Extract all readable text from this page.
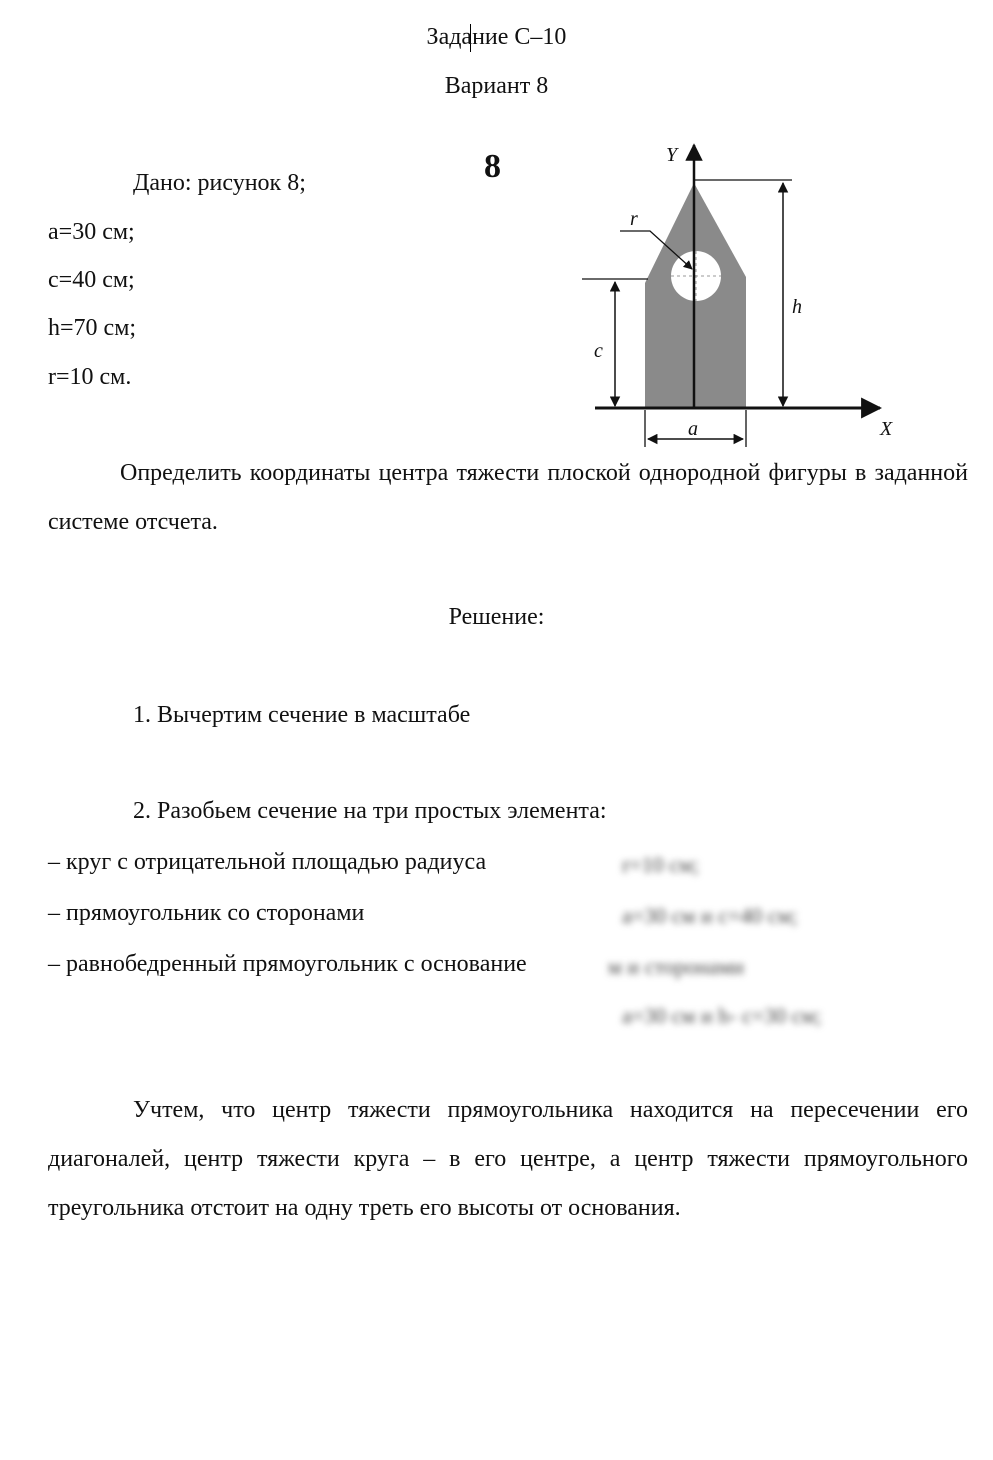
Задание С–10
Вариант 8
Дано: рисунок 8;
a=30 см;
c=40 см;
h=70 см;
r=10 см.
8	Y
X
h
c
a
r
Определить координаты центра тяжести плоской однородной фигуры в заданной системе отсчета.
Решение:
1. Вычертим сечение в масштабе
2. Разобьем сечение на три простых элемента:
– круг с отрицательной площадью радиуса	r=10 см;
– прямоугольник со сторонами	a=30 см и c=40 см;
– равнобедренный прямоугольник с основание	м и сторонами
a=30 см и h- c=30 см;
Учтем, что центр тяжести прямоугольника находится на пересечении его диагоналей, центр тяжести круга – в его центре, а центр тяжести прямоугольного треугольника отстоит на одну треть его высоты от основания.
